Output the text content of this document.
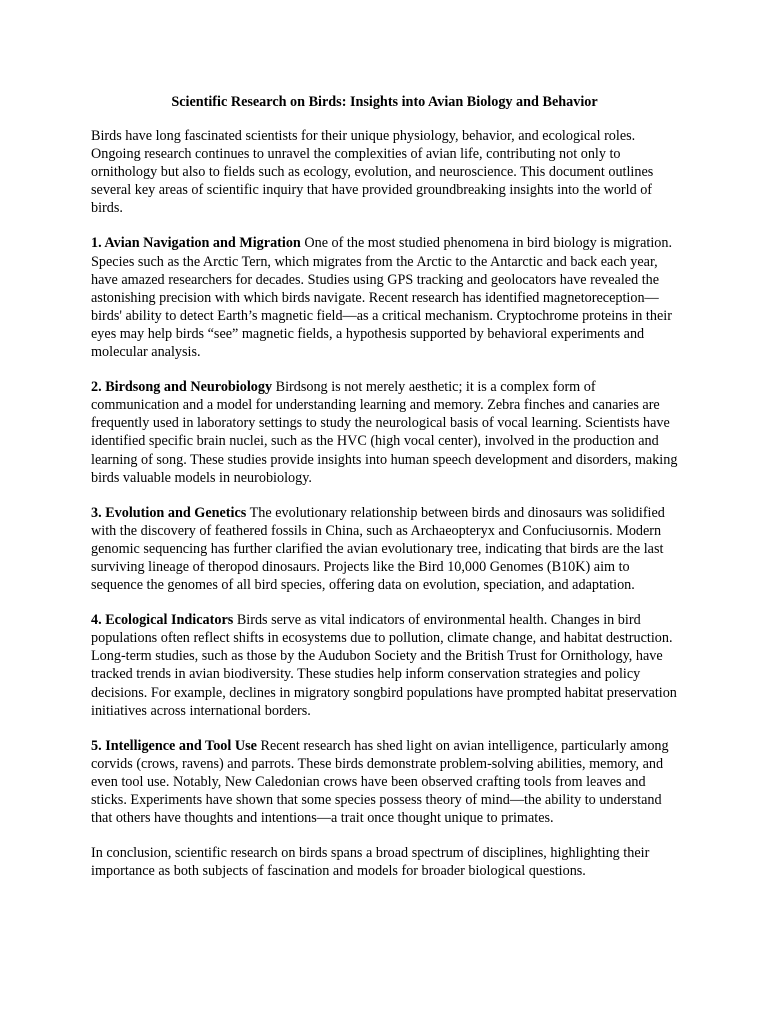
Scientific Research on Birds: Insights into Avian Biology and Behavior

Birds have long fascinated scientists for their unique physiology, behavior, and ecological roles. Ongoing research continues to unravel the complexities of avian life, contributing not only to ornithology but also to fields such as ecology, evolution, and neuroscience. This document outlines several key areas of scientific inquiry that have provided groundbreaking insights into the world of birds.

1. Avian Navigation and Migration One of the most studied phenomena in bird biology is migration. Species such as the Arctic Tern, which migrates from the Arctic to the Antarctic and back each year, have amazed researchers for decades. Studies using GPS tracking and geolocators have revealed the astonishing precision with which birds navigate. Recent research has identified magnetoreception—birds' ability to detect Earth’s magnetic field—as a critical mechanism. Cryptochrome proteins in their eyes may help birds “see” magnetic fields, a hypothesis supported by behavioral experiments and molecular analysis.

2. Birdsong and Neurobiology Birdsong is not merely aesthetic; it is a complex form of communication and a model for understanding learning and memory. Zebra finches and canaries are frequently used in laboratory settings to study the neurological basis of vocal learning. Scientists have identified specific brain nuclei, such as the HVC (high vocal center), involved in the production and learning of song. These studies provide insights into human speech development and disorders, making birds valuable models in neurobiology.

3. Evolution and Genetics The evolutionary relationship between birds and dinosaurs was solidified with the discovery of feathered fossils in China, such as Archaeopteryx and Confuciusornis. Modern genomic sequencing has further clarified the avian evolutionary tree, indicating that birds are the last surviving lineage of theropod dinosaurs. Projects like the Bird 10,000 Genomes (B10K) aim to sequence the genomes of all bird species, offering data on evolution, speciation, and adaptation.

4. Ecological Indicators Birds serve as vital indicators of environmental health. Changes in bird populations often reflect shifts in ecosystems due to pollution, climate change, and habitat destruction. Long-term studies, such as those by the Audubon Society and the British Trust for Ornithology, have tracked trends in avian biodiversity. These studies help inform conservation strategies and policy decisions. For example, declines in migratory songbird populations have prompted habitat preservation initiatives across international borders.

5. Intelligence and Tool Use Recent research has shed light on avian intelligence, particularly among corvids (crows, ravens) and parrots. These birds demonstrate problem-solving abilities, memory, and even tool use. Notably, New Caledonian crows have been observed crafting tools from leaves and sticks. Experiments have shown that some species possess theory of mind—the ability to understand that others have thoughts and intentions—a trait once thought unique to primates.

In conclusion, scientific research on birds spans a broad spectrum of disciplines, highlighting their importance as both subjects of fascination and models for broader biological questions.
